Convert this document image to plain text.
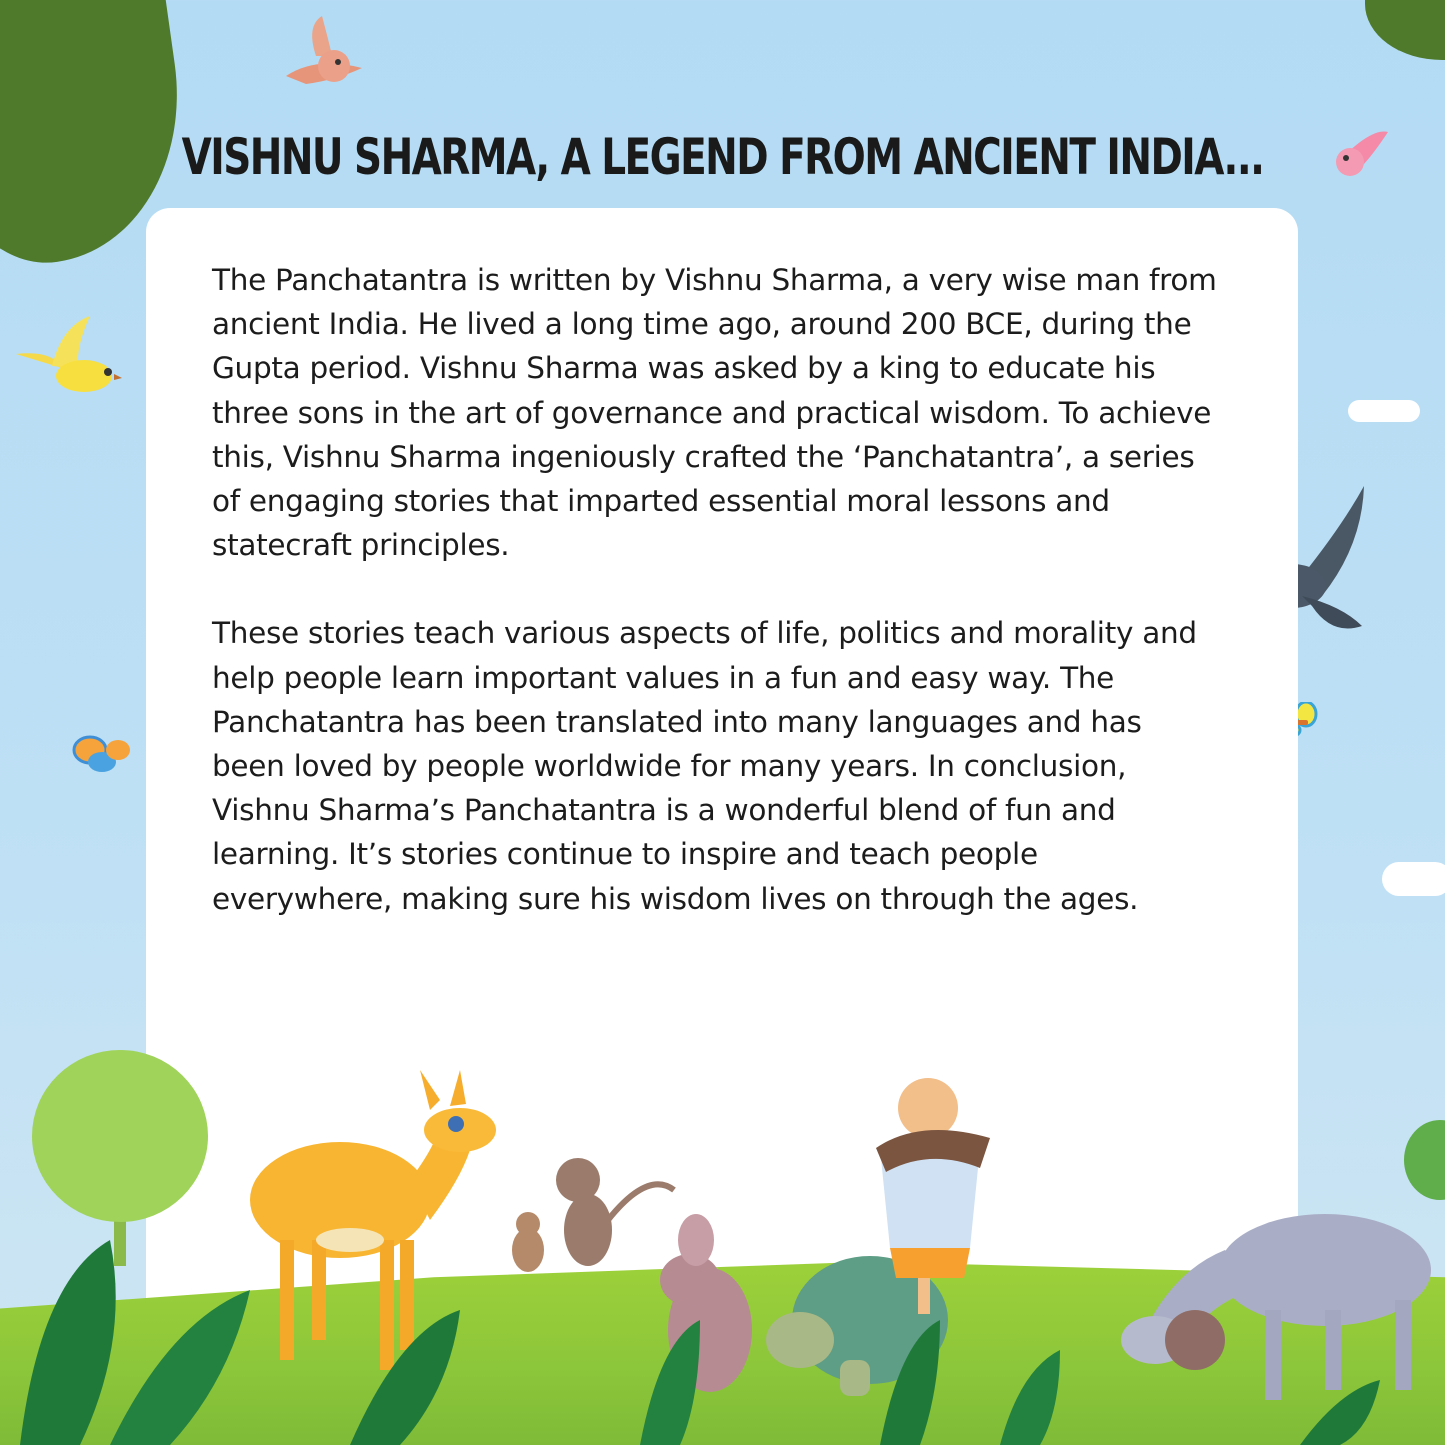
VISHNU SHARMA, A LEGEND FROM ANCIENT INDIA...

The Panchatantra is written by Vishnu Sharma, a very wise man from ancient India. He lived a long time ago, around 200 BCE, during the Gupta period. Vishnu Sharma was asked by a king to educate his three sons in the art of governance and practical wisdom. To achieve this, Vishnu Sharma ingeniously crafted the ‘Panchatantra’, a series of engaging stories that imparted essential moral lessons and statecraft principles.

These stories teach various aspects of life, politics and morality and help people learn important values in a fun and easy way. The Panchatantra has been translated into many languages and has been loved by people worldwide for many years. In conclusion, Vishnu Sharma’s Panchatantra is a wonderful blend of fun and learning. It’s stories continue to inspire and teach people everywhere, making sure his wisdom lives on through the ages.
